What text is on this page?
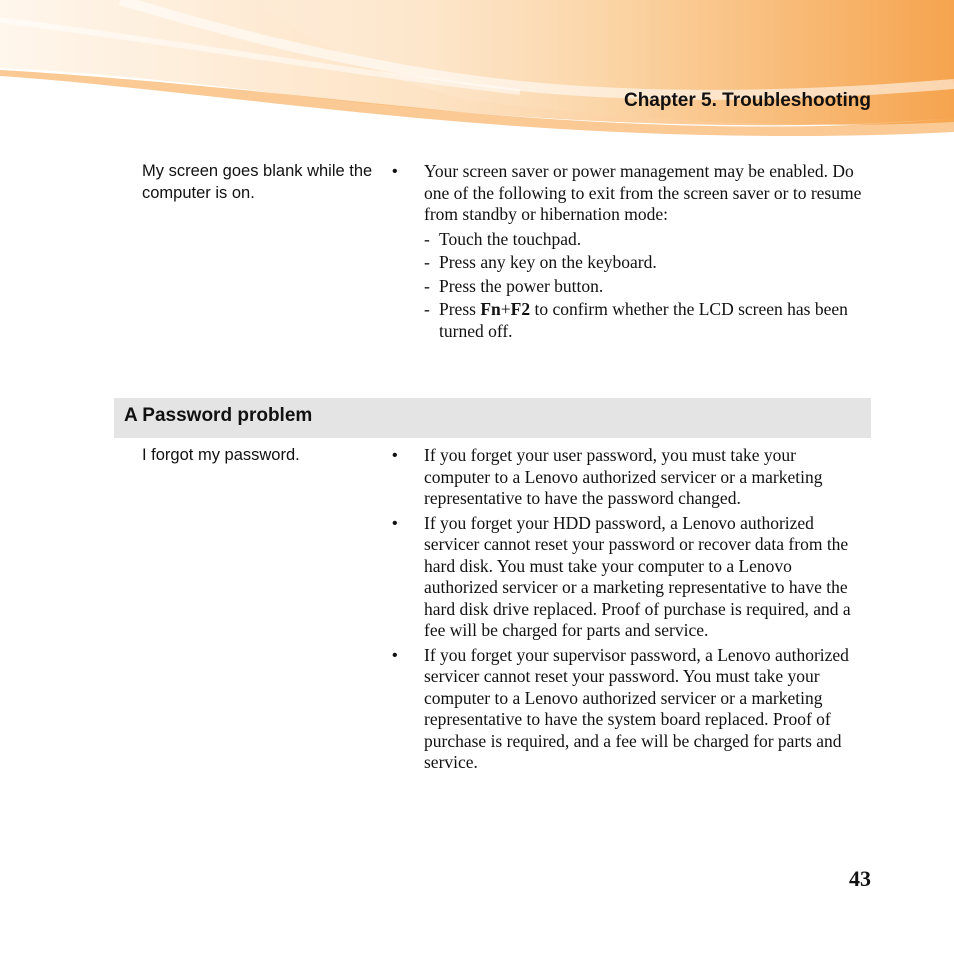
Chapter 5. Troubleshooting
My screen goes blank while the computer is on.
• Your screen saver or power management may be enabled. Do one of the following to exit from the screen saver or to resume from standby or hibernation mode:
- Touch the touchpad.
- Press any key on the keyboard.
- Press the power button.
- Press Fn+F2 to confirm whether the LCD screen has been turned off.
A Password problem
I forgot my password.	• If you forget your user password, you must take your computer to a Lenovo authorized servicer or a marketing representative to have the password changed.
• If you forget your HDD password, a Lenovo authorized servicer cannot reset your password or recover data from the hard disk. You must take your computer to a Lenovo authorized servicer or a marketing representative to have the hard disk drive replaced. Proof of purchase is required, and a fee will be charged for parts and service.
• If you forget your supervisor password, a Lenovo authorized servicer cannot reset your password. You must take your computer to a Lenovo authorized servicer or a marketing representative to have the system board replaced. Proof of purchase is required, and a fee will be charged for parts and service.
43
